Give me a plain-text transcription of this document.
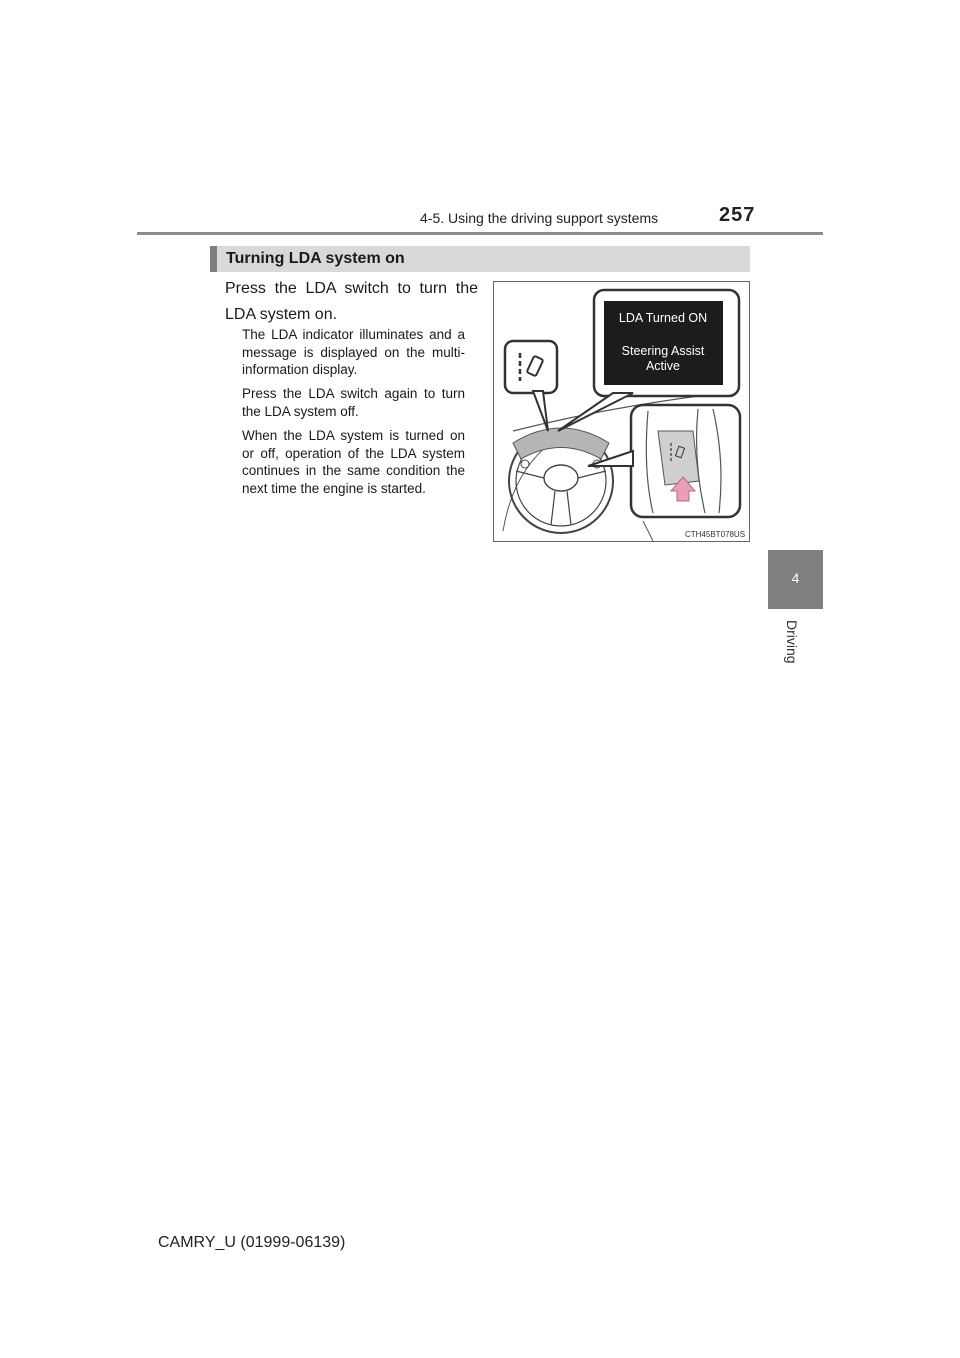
4-5. Using the driving support systems	257
4
Driving
Turning LDA system on
Press the LDA switch to turn the LDA system on.
The LDA indicator illuminates and a message is displayed on the multi-information display.
Press the LDA switch again to turn the LDA system off.
When the LDA system is turned on or off, operation of the LDA system continues in the same condition the next time the engine is started.
LDA Turned ON
Steering Assist
Active
CTH45BT078US
CAMRY_U (01999-06139)
